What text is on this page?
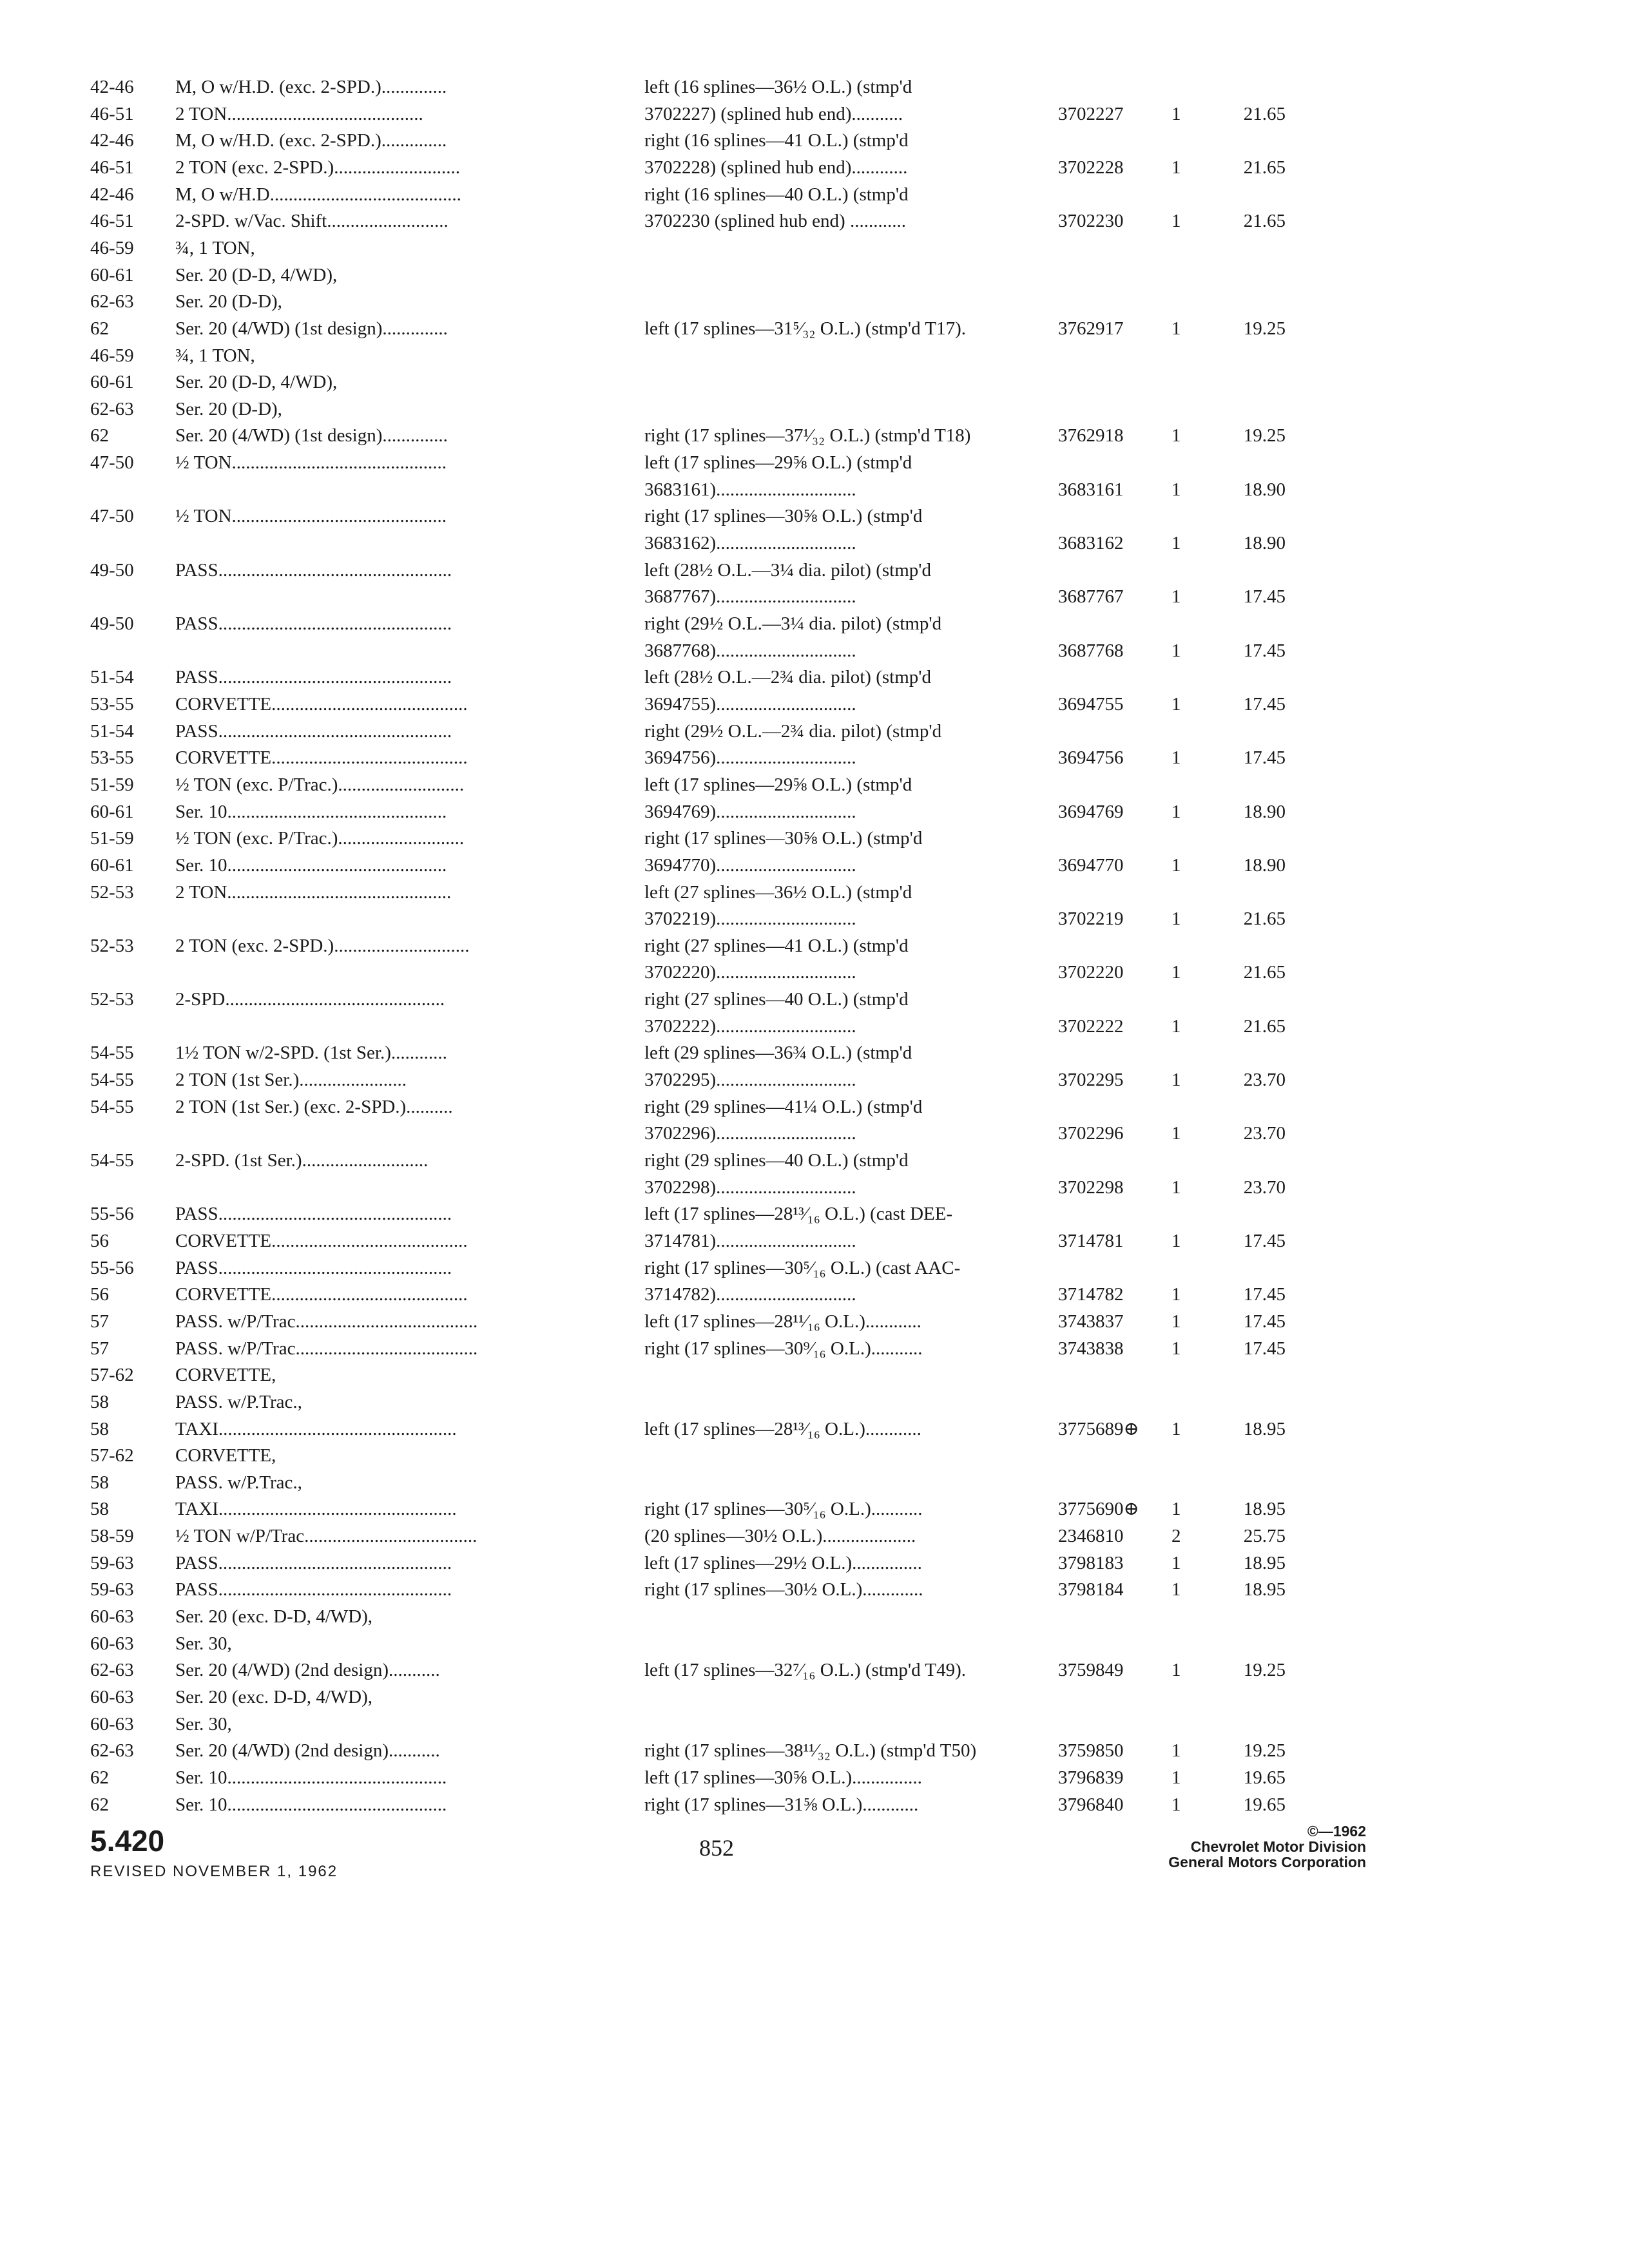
42-46 M, O w/H.D. (exc. 2-SPD.)..............	left (16 splines—36½ O.L.) (stmp'd
46-51 2 TON..........................................	3702227) (splined hub end)...........	3702227	1	21.65
42-46 M, O w/H.D. (exc. 2-SPD.)..............	right (16 splines—41 O.L.) (stmp'd
46-51 2 TON (exc. 2-SPD.)...........................	3702228) (splined hub end)............	3702228	1	21.65
42-46 M, O w/H.D.........................................	right (16 splines—40 O.L.) (stmp'd
46-51 2-SPD. w/Vac. Shift..........................	3702230 (splined hub end) ............	3702230	1	21.65
46-59 ¾, 1 TON,
60-61 Ser. 20 (D-D, 4/WD),
62-63 Ser. 20 (D-D),
62	Ser. 20 (4/WD) (1st design)..............	left (17 splines—31⁵⁄₃₂ O.L.) (stmp'd T17).	3762917	1	19.25
46-59 ¾, 1 TON,
60-61 Ser. 20 (D-D, 4/WD),
62-63 Ser. 20 (D-D),
62	Ser. 20 (4/WD) (1st design)..............	right (17 splines—37¹⁄₃₂ O.L.) (stmp'd T18)	3762918	1	19.25
47-50 ½ TON..............................................	left (17 splines—29⅝ O.L.) (stmp'd
3683161)..............................	3683161	1	18.90
47-50 ½ TON..............................................	right (17 splines—30⅝ O.L.) (stmp'd
3683162)..............................	3683162	1	18.90
49-50 PASS..................................................	left (28½ O.L.—3¼ dia. pilot) (stmp'd
3687767)..............................	3687767	1	17.45
49-50 PASS..................................................	right (29½ O.L.—3¼ dia. pilot) (stmp'd
3687768)..............................	3687768	1	17.45
51-54 PASS..................................................	left (28½ O.L.—2¾ dia. pilot) (stmp'd
53-55 CORVETTE..........................................	3694755)..............................	3694755	1	17.45
51-54 PASS..................................................	right (29½ O.L.—2¾ dia. pilot) (stmp'd
53-55 CORVETTE..........................................	3694756)..............................	3694756	1	17.45
51-59 ½ TON (exc. P/Trac.)...........................	left (17 splines—29⅝ O.L.) (stmp'd
60-61 Ser. 10...............................................	3694769)..............................	3694769	1	18.90
51-59 ½ TON (exc. P/Trac.)...........................	right (17 splines—30⅝ O.L.) (stmp'd
60-61 Ser. 10...............................................	3694770)..............................	3694770	1	18.90
52-53 2 TON................................................	left (27 splines—36½ O.L.) (stmp'd
3702219)..............................	3702219	1	21.65
52-53 2 TON (exc. 2-SPD.).............................	right (27 splines—41 O.L.) (stmp'd
3702220)..............................	3702220	1	21.65
52-53 2-SPD...............................................	right (27 splines—40 O.L.) (stmp'd
3702222)..............................	3702222	1	21.65
54-55 1½ TON w/2-SPD. (1st Ser.)............	left (29 splines—36¾ O.L.) (stmp'd
54-55 2 TON (1st Ser.).......................	3702295)..............................	3702295	1	23.70
54-55 2 TON (1st Ser.) (exc. 2-SPD.)..........	right (29 splines—41¼ O.L.) (stmp'd
3702296)..............................	3702296	1	23.70
54-55 2-SPD. (1st Ser.)...........................	right (29 splines—40 O.L.) (stmp'd
3702298)..............................	3702298	1	23.70
55-56 PASS..................................................	left (17 splines—28¹³⁄₁₆ O.L.) (cast DEE-
56	CORVETTE..........................................	3714781)..............................	3714781	1	17.45
55-56 PASS..................................................	right (17 splines—30⁵⁄₁₆ O.L.) (cast AAC-
56	CORVETTE..........................................	3714782)..............................	3714782	1	17.45
57	PASS. w/P/Trac.......................................	left (17 splines—28¹¹⁄₁₆ O.L.)............	3743837	1	17.45
57	PASS. w/P/Trac.......................................	right (17 splines—30⁹⁄₁₆ O.L.)...........	3743838	1	17.45
57-62 CORVETTE,
58	PASS. w/P.Trac.,
58	TAXI...................................................	left (17 splines—28¹³⁄₁₆ O.L.)............	3775689⊕ 1	18.95
57-62 CORVETTE,
58	PASS. w/P.Trac.,
58	TAXI...................................................	right (17 splines—30⁵⁄₁₆ O.L.)...........	3775690⊕ 1	18.95
58-59 ½ TON w/P/Trac.....................................	(20 splines—30½ O.L.)....................	2346810	2	25.75
59-63 PASS..................................................	left (17 splines—29½ O.L.)...............	3798183	1	18.95
59-63 PASS..................................................	right (17 splines—30½ O.L.).............	3798184	1	18.95
60-63 Ser. 20 (exc. D-D, 4/WD),
60-63 Ser. 30,
62-63 Ser. 20 (4/WD) (2nd design)...........	left (17 splines—32⁷⁄₁₆ O.L.) (stmp'd T49).	3759849	1	19.25
60-63 Ser. 20 (exc. D-D, 4/WD),
60-63 Ser. 30,
62-63 Ser. 20 (4/WD) (2nd design)...........	right (17 splines—38¹¹⁄₃₂ O.L.) (stmp'd T50)	3759850	1	19.25
62	Ser. 10...............................................	left (17 splines—30⅝ O.L.)...............	3796839	1	19.65
62	Ser. 10...............................................	right (17 splines—31⅝ O.L.)............	3796840	1	19.65
5.420
REVISED NOVEMBER 1, 1962
852
©—1962
Chevrolet Motor Division
General Motors Corporation
